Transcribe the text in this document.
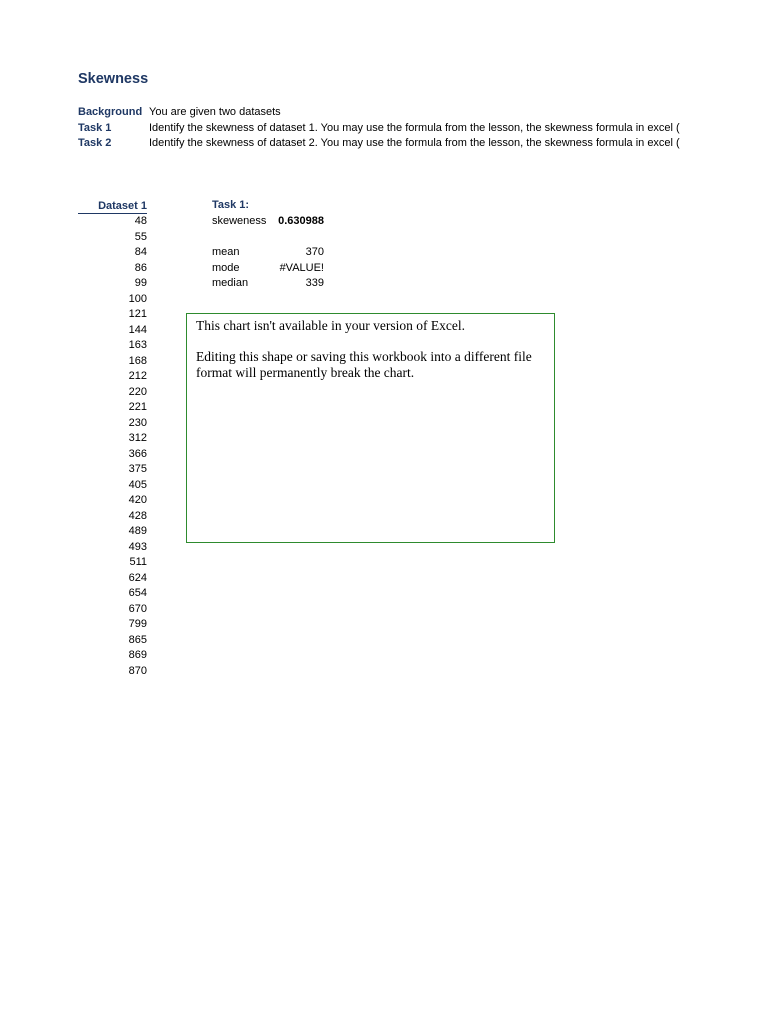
Skewness
Background You are given two datasets
Task 1	Identify the skewness of dataset 1. You may use the formula from the lesson, the skewness formula in excel (
Task 2	Identify the skewness of dataset 2. You may use the formula from the lesson, the skewness formula in excel (
Dataset 1
48
55
84
86
99
100
121
144
163
168
212
220
221
230
312
366
375
405
420
428
489
493
511
624
654
670
799
865
869
870
Task 1:
skeweness	0.630988
mean	370
mode	#VALUE!
median	339

This chart isn't available in your version of Excel.

Editing this shape or saving this workbook into a different file format will permanently break the chart.
